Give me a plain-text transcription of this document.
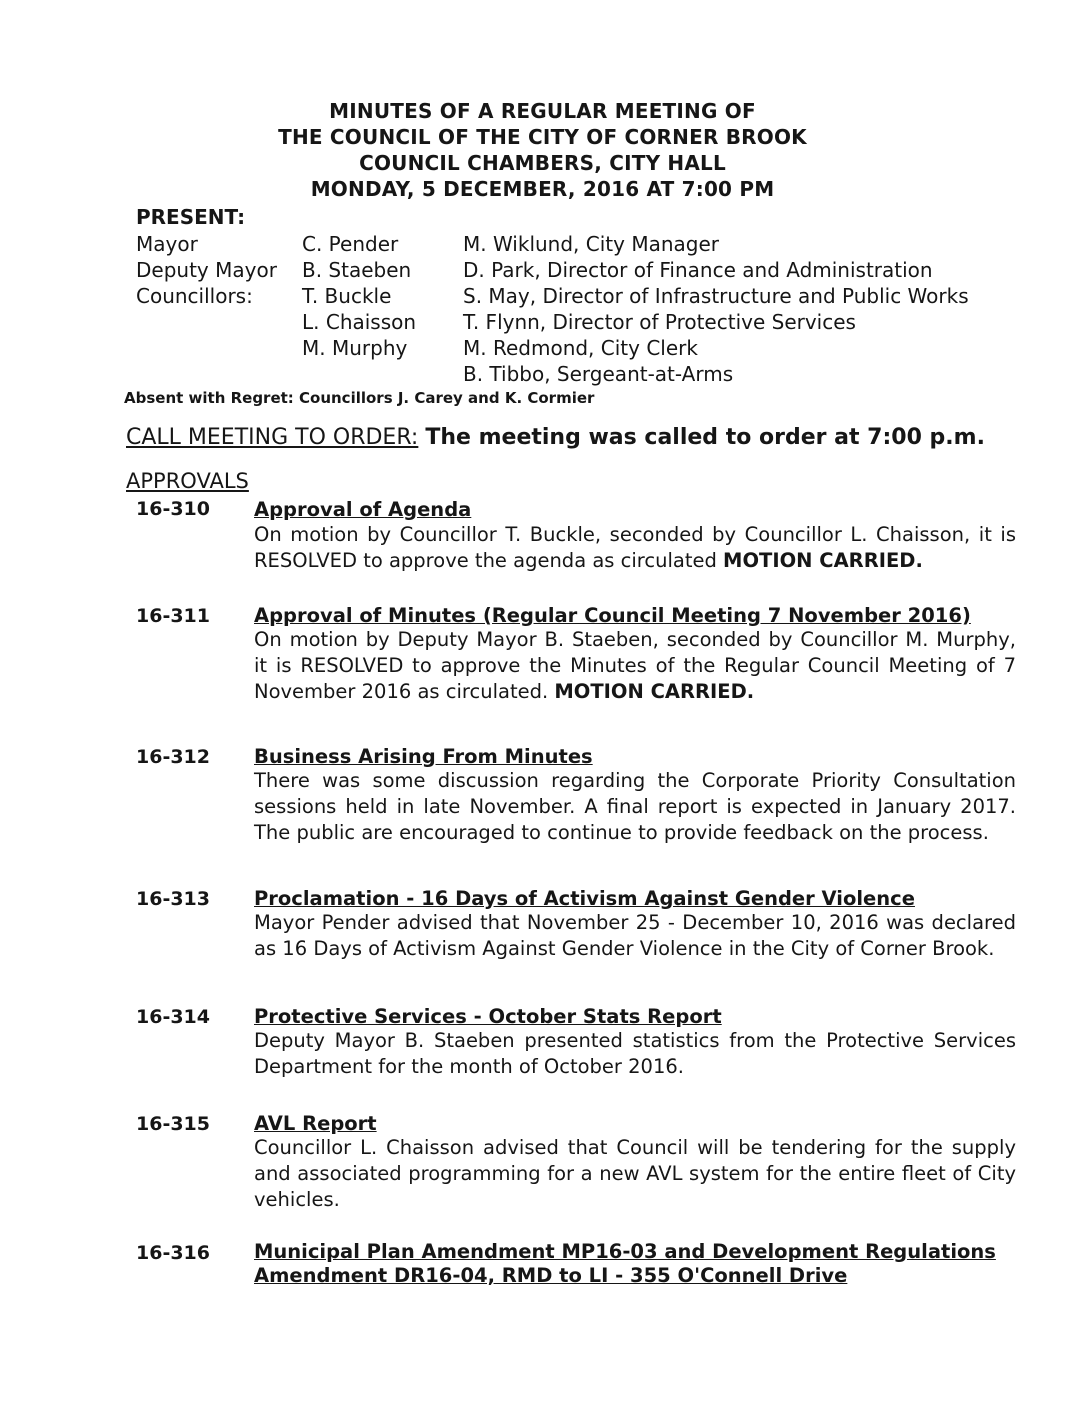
MINUTES OF A REGULAR MEETING OF
THE COUNCIL OF THE CITY OF CORNER BROOK
COUNCIL CHAMBERS, CITY HALL
MONDAY, 5 DECEMBER, 2016 AT 7:00 PM
PRESENT:
Mayor
Deputy Mayor
Councillors:
C. Pender
B. Staeben
T. Buckle
L. Chaisson
M. Murphy
M. Wiklund, City Manager
D. Park, Director of Finance and Administration
S. May, Director of Infrastructure and Public Works
T. Flynn, Director of Protective Services
M. Redmond, City Clerk
B. Tibbo, Sergeant-at-Arms
Absent with Regret: Councillors J. Carey and K. Cormier
CALL MEETING TO ORDER: The meeting was called to order at 7:00 p.m.
APPROVALS
16-310 Approval of Agenda
On motion by Councillor T. Buckle, seconded by Councillor L. Chaisson, it is RESOLVED to approve the agenda as circulated MOTION CARRIED.
16-311 Approval of Minutes (Regular Council Meeting 7 November 2016)
On motion by Deputy Mayor B. Staeben, seconded by Councillor M. Murphy, it is RESOLVED to approve the Minutes of the Regular Council Meeting of 7 November 2016 as circulated. MOTION CARRIED.
16-312 Business Arising From Minutes
There was some discussion regarding the Corporate Priority Consultation sessions held in late November. A final report is expected in January 2017. The public are encouraged to continue to provide feedback on the process.
16-313 Proclamation - 16 Days of Activism Against Gender Violence
Mayor Pender advised that November 25 - December 10, 2016 was declared as 16 Days of Activism Against Gender Violence in the City of Corner Brook.
16-314 Protective Services - October Stats Report
Deputy Mayor B. Staeben presented statistics from the Protective Services Department for the month of October 2016.
16-315 AVL Report
Councillor L. Chaisson advised that Council will be tendering for the supply and associated programming for a new AVL system for the entire fleet of City vehicles.
16-316 Municipal Plan Amendment MP16-03 and Development Regulations
Amendment DR16-04, RMD to LI - 355 O'Connell Drive
